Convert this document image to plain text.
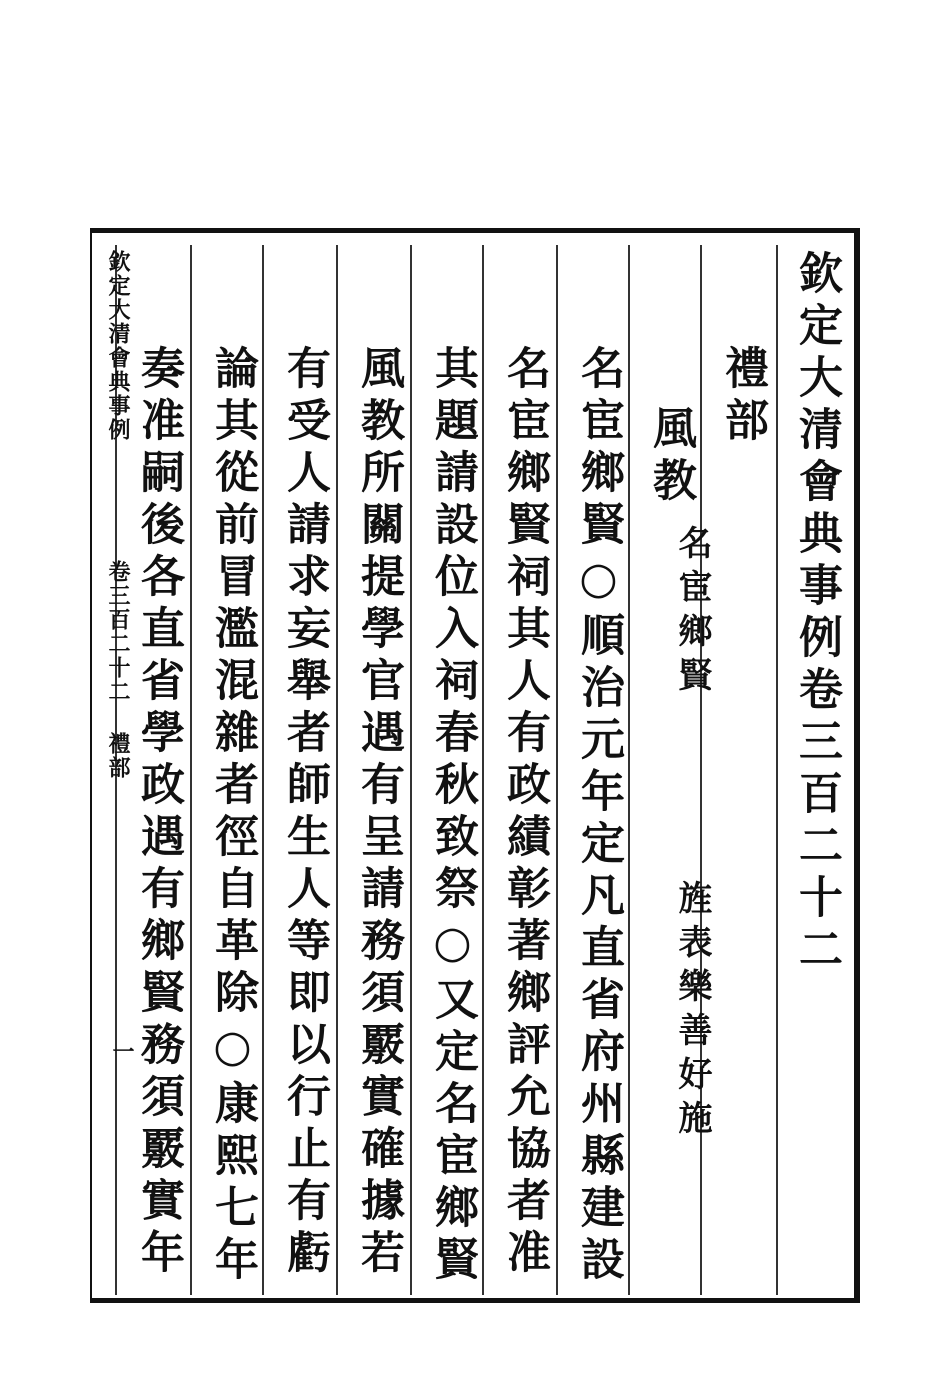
欽定大清會典事例卷三百二十二
禮部
風教
名宦鄉賢
旌表樂善好施
名宦鄉賢○順治元年定凡直省府州縣建設
名宦鄉賢祠其人有政績彰著鄉評允協者准
其題請設位入祠春秋致祭○又定名宦鄉賢
風教所關提學官遇有呈請務須覈實確據若
有受人請求妄舉者師生人等即以行止有虧
論其從前冒濫混雜者徑自革除○康熙七年
奏准嗣後各直省學政遇有鄉賢務須覈實年
欽定大清會典事例
卷三百二十二 禮部
一
